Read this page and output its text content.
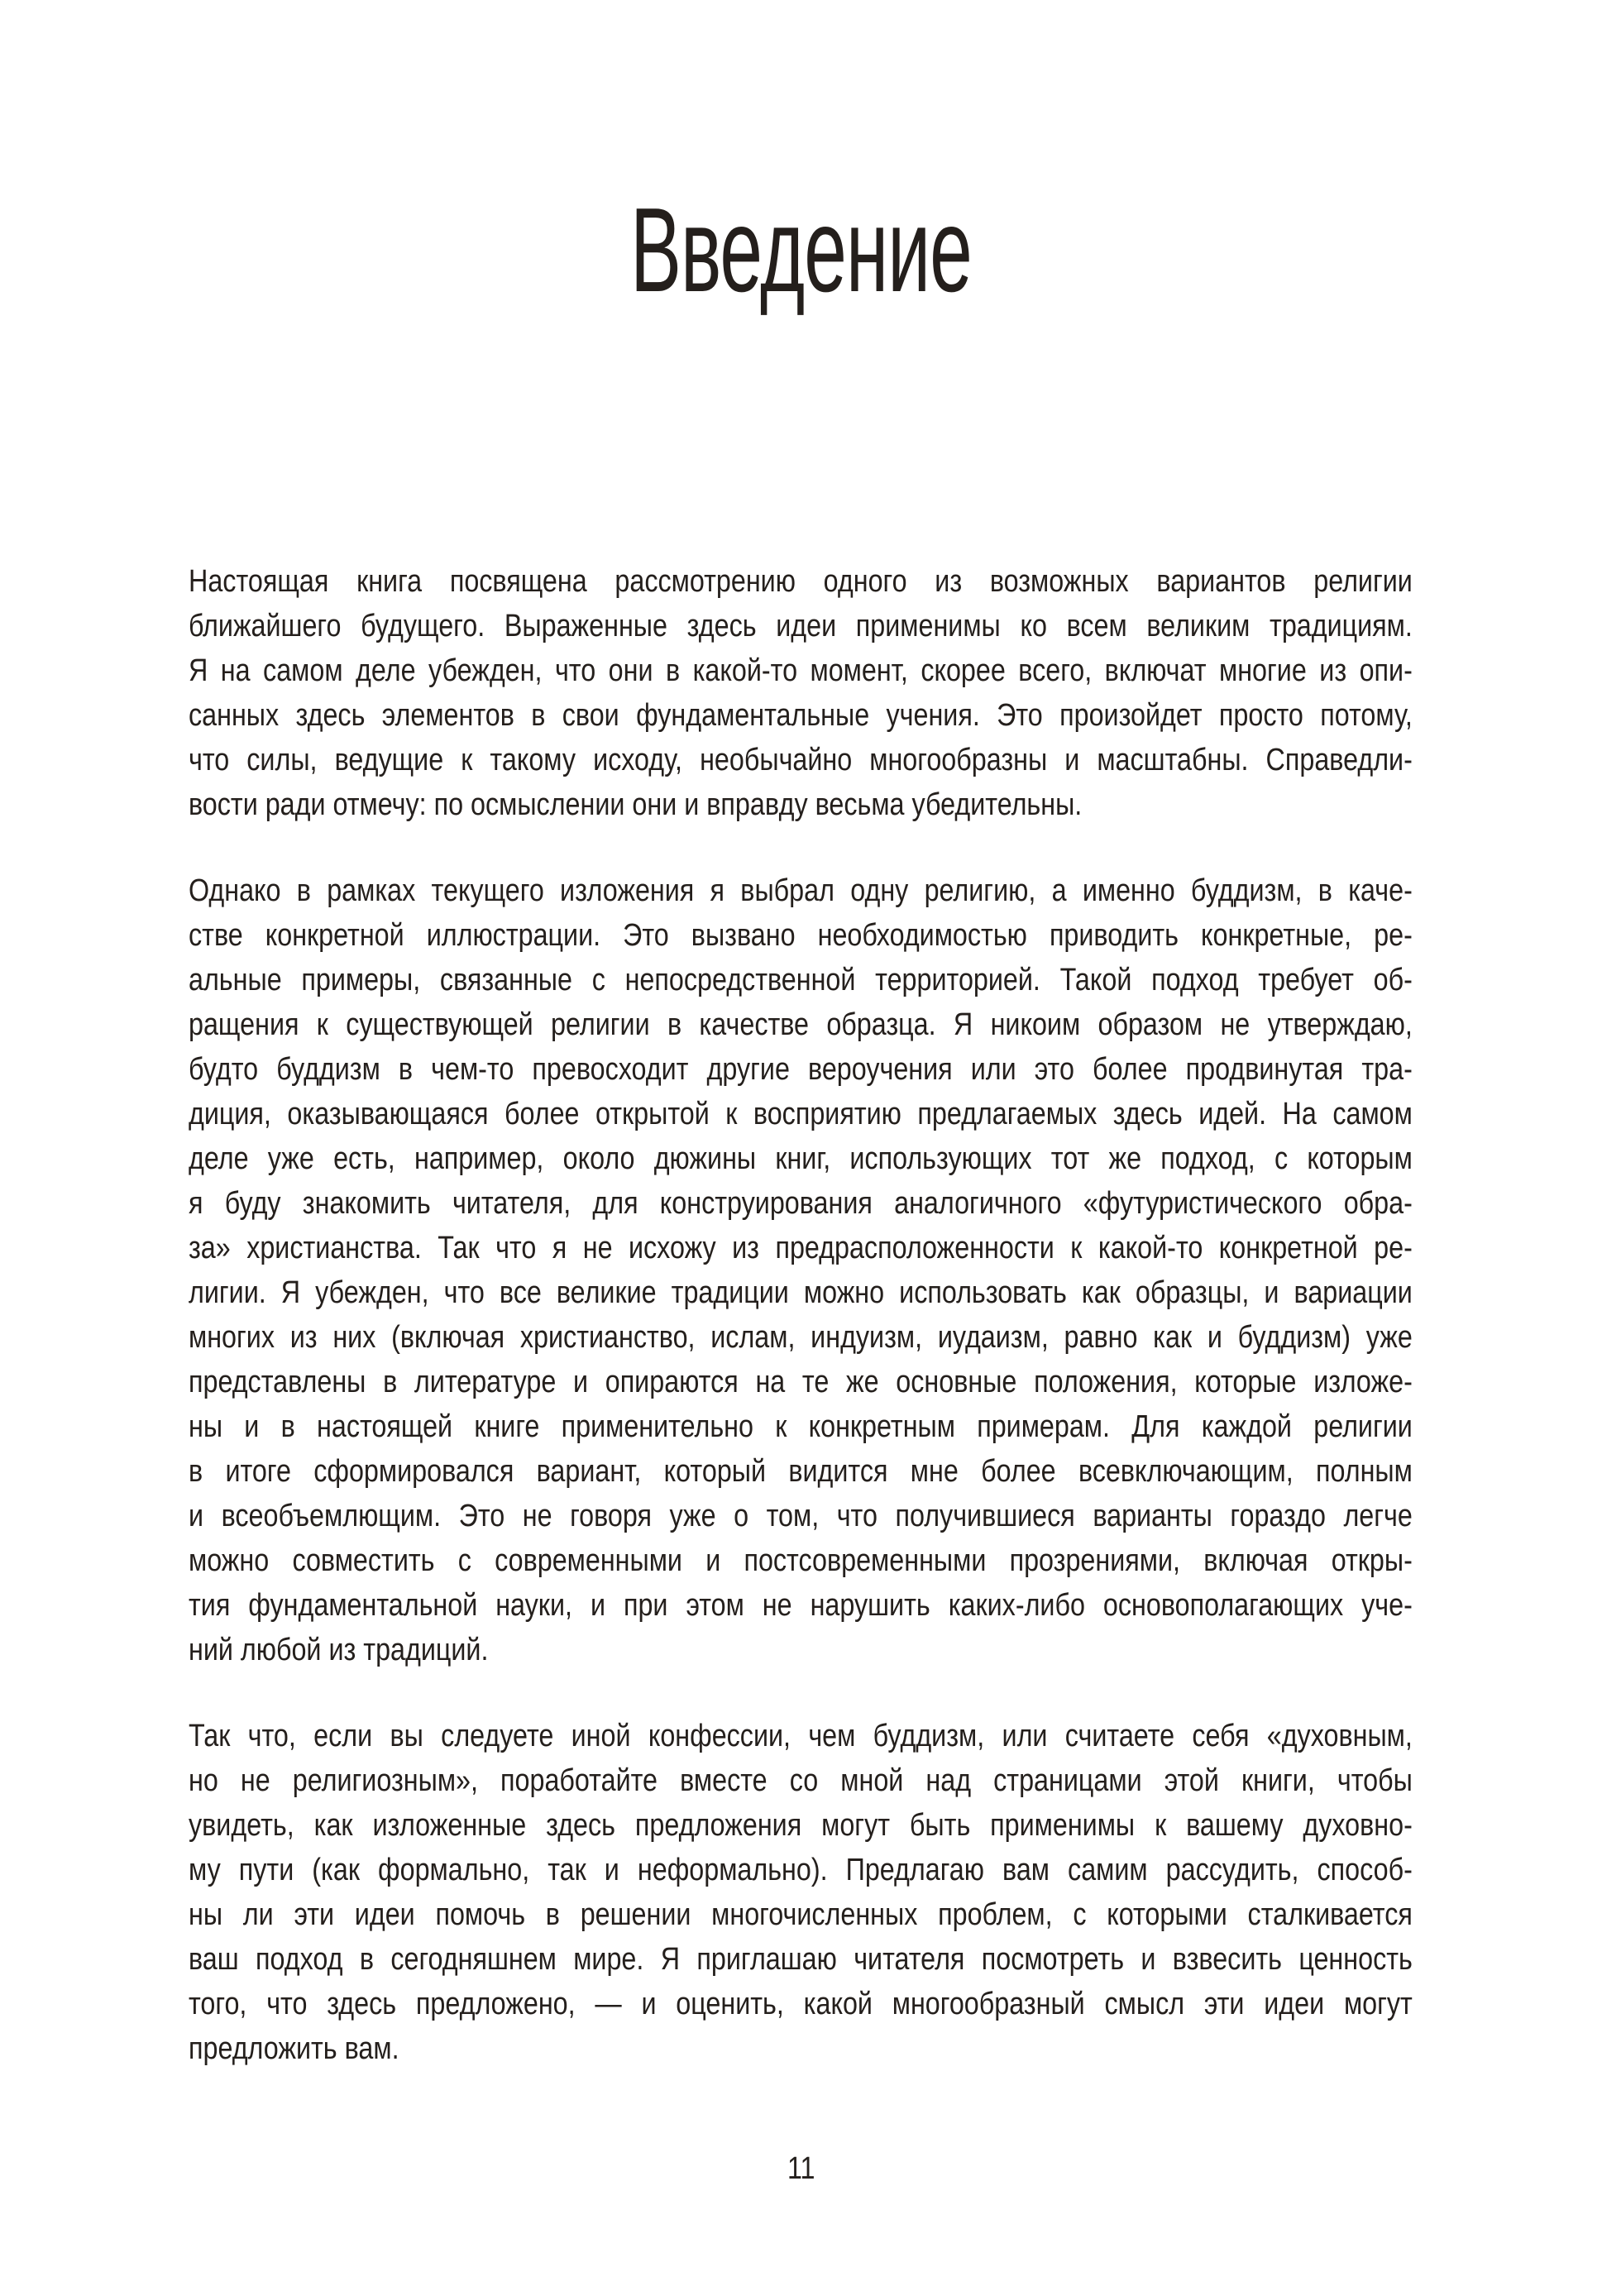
Введение
Настоящая книга посвящена рассмотрению одного из возможных вариантов религии
ближайшего будущего. Выраженные здесь идеи применимы ко всем великим традициям.
Я на самом деле убежден, что они в какой-то момент, скорее всего, включат многие из опи-
санных здесь элементов в свои фундаментальные учения. Это произойдет просто потому,
что силы, ведущие к такому исходу, необычайно многообразны и масштабны. Справедли-
вости ради отмечу: по осмыслении они и вправду весьма убедительны.
Однако в рамках текущего изложения я выбрал одну религию, а именно буддизм, в каче-
стве конкретной иллюстрации. Это вызвано необходимостью приводить конкретные, ре-
альные примеры, связанные с непосредственной территорией. Такой подход требует об-
ращения к существующей религии в качестве образца. Я никоим образом не утверждаю,
будто буддизм в чем-то превосходит другие вероучения или это более продвинутая тра-
диция, оказывающаяся более открытой к восприятию предлагаемых здесь идей. На самом
деле уже есть, например, около дюжины книг, использующих тот же подход, с которым
я буду знакомить читателя, для конструирования аналогичного «футуристического обра-
за» христианства. Так что я не исхожу из предрасположенности к какой-то конкретной ре-
лигии. Я убежден, что все великие традиции можно использовать как образцы, и вариации
многих из них (включая христианство, ислам, индуизм, иудаизм, равно как и буддизм) уже
представлены в литературе и опираются на те же основные положения, которые изложе-
ны и в настоящей книге применительно к конкретным примерам. Для каждой религии
в итоге сформировался вариант, который видится мне более всевключающим, полным
и всеобъемлющим. Это не говоря уже о том, что получившиеся варианты гораздо легче
можно совместить с современными и постсовременными прозрениями, включая откры-
тия фундаментальной науки, и при этом не нарушить каких-либо основополагающих уче-
ний любой из традиций.
Так что, если вы следуете иной конфессии, чем буддизм, или считаете себя «духовным,
но не религиозным», поработайте вместе со мной над страницами этой книги, чтобы
увидеть, как изложенные здесь предложения могут быть применимы к вашему духовно-
му пути (как формально, так и неформально). Предлагаю вам самим рассудить, способ-
ны ли эти идеи помочь в решении многочисленных проблем, с которыми сталкивается
ваш подход в сегодняшнем мире. Я приглашаю читателя посмотреть и взвесить ценность
того, что здесь предложено, — и оценить, какой многообразный смысл эти идеи могут
предложить вам.
11
